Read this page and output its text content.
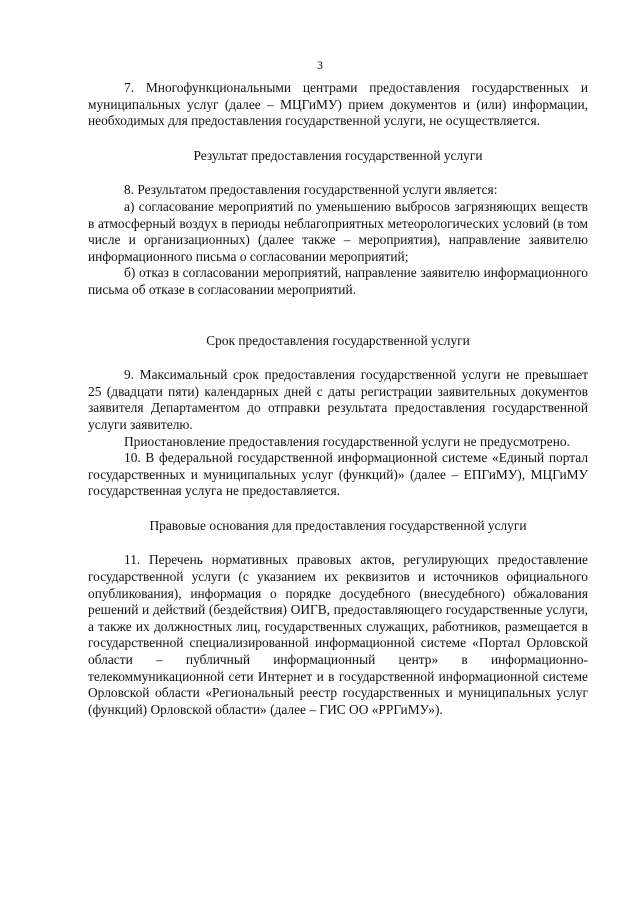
3

7. Многофункциональными центрами предоставления государственных и муниципальных услуг (далее – МЦГиМУ) прием документов и (или) информации, необходимых для предоставления государственной услуги, не осуществляется.

Результат предоставления государственной услуги

8. Результатом предоставления государственной услуги является:

а) согласование мероприятий по уменьшению выбросов загрязняющих веществ в атмосферный воздух в периоды неблагоприятных метеорологических условий (в том числе и организационных) (далее также – мероприятия), направление заявителю информационного письма о согласовании мероприятий;

б) отказ в согласовании мероприятий, направление заявителю информационного письма об отказе в согласовании мероприятий.

Срок предоставления государственной услуги

9. Максимальный срок предоставления государственной услуги не превышает 25 (двадцати пяти) календарных дней с даты регистрации заявительных документов заявителя Департаментом до отправки результата предоставления государственной услуги заявителю.

Приостановление предоставления государственной услуги не предусмотрено.

10. В федеральной государственной информационной системе «Единый портал государственных и муниципальных услуг (функций)» (далее – ЕПГиМУ), МЦГиМУ государственная услуга не предоставляется.

Правовые основания для предоставления государственной услуги

11. Перечень нормативных правовых актов, регулирующих предоставление государственной услуги (с указанием их реквизитов и источников официального опубликования), информация о порядке досудебного (внесудебного) обжалования решений и действий (бездействия) ОИГВ, предоставляющего государственные услуги, а также их должностных лиц, государственных служащих, работников, размещается в государственной специализированной информационной системе «Портал Орловской области – публичный информационный центр» в информационно-телекоммуникационной сети Интернет и в государственной информационной системе Орловской области «Региональный реестр государственных и муниципальных услуг (функций) Орловской области» (далее – ГИС ОО «РРГиМУ»).
